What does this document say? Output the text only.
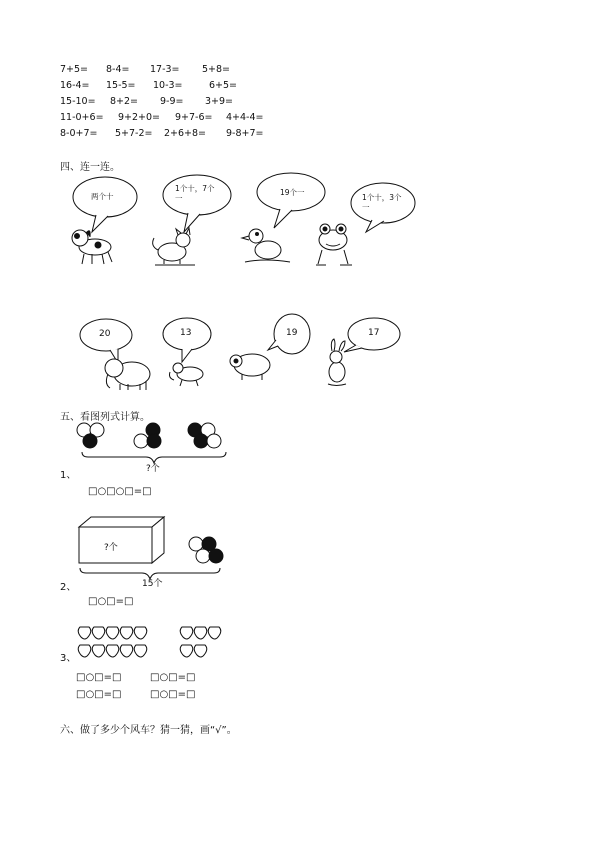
7+5= 8-4= 17-3= 5+8=
16-4= 15-5= 10-3=	6+5=
15-10= 8+2= 9-9= 3+9=
11-0+6= 9+2+0= 9+7-6= 4+4-4=
8-0+7= 5+7-2= 2+6+8= 9-8+7=
四、连一连。
两个十
1个十，7个一
19个一
1个十，3个一
20	13	19	17
五、看图列式计算。
1、
?个
□○□○□=□
?个
2、	15个
□○□=□
3、
□○□=□	□○□=□
□○□=□	□○□=□
六、做了多少个风车？猜一猜，画“√”。
